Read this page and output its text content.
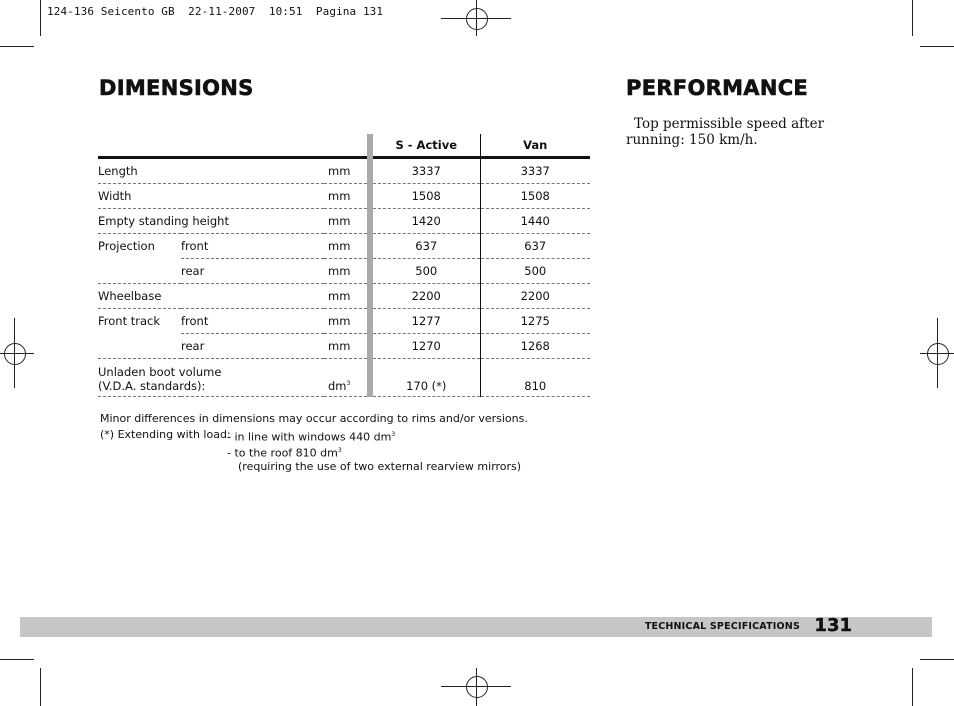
124-136 Seicento GB  22-11-2007  10:51  Pagina 131
DIMENSIONS
			S - Active	Van
Length		mm	3337	3337
Width		mm	1508	1508
Empty standing height		mm	1420	1440
Projection	front	mm	637	637
	rear	mm	500	500
Wheelbase		mm	2200	2200
Front track	front	mm	1277	1275
	rear	mm	1270	1268

Unladen boot volume
(V.D.A. standards):		$dm^3$	170 (*)	810
Minor differences in dimensions may occur according to rims and/or versions.
(*) Extending with load:
- in line with windows 440 $dm^3$
- to the roof 810 $dm^3$
(requiring the use of two external rearview mirrors)
PERFORMANCE
Top permissible speed after running: 150 km/h.
TECHNICAL SPECIFICATIONS 131
